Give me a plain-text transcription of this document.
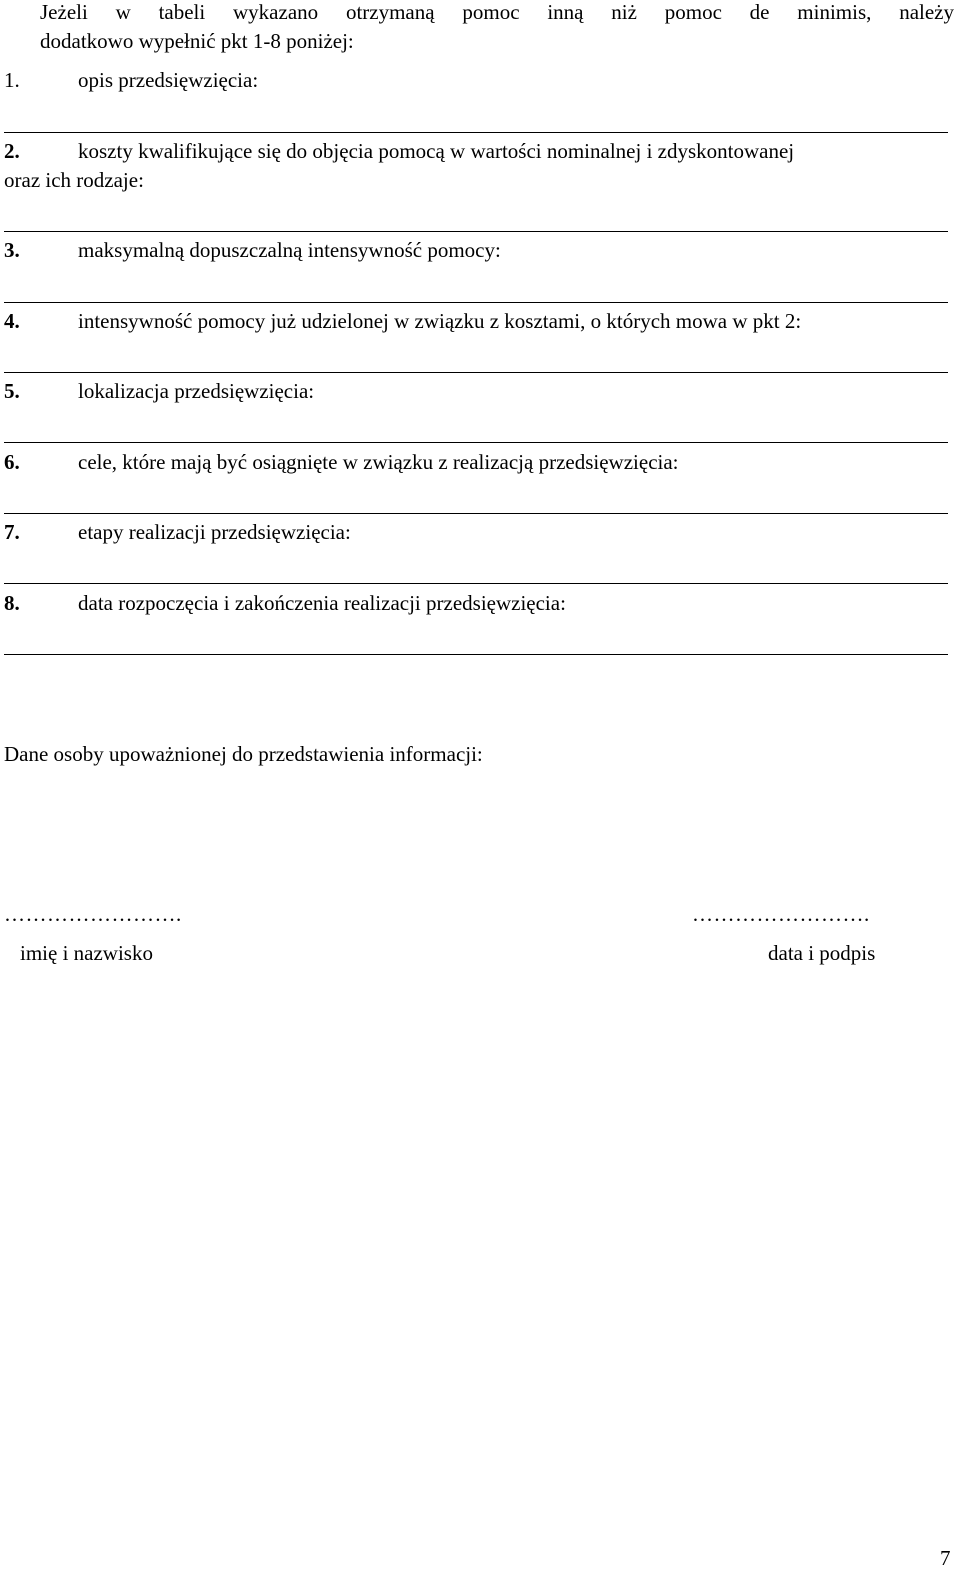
Jeżeli w tabeli wykazano otrzymaną pomoc inną niż pomoc de minimis, należy
dodatkowo wypełnić pkt 1-8 poniżej:
1.	opis przedsięwzięcia:
2.	koszty kwalifikujące się do objęcia pomocą w wartości nominalnej i zdyskontowanej
oraz ich rodzaje:
3.	maksymalną dopuszczalną intensywność pomocy:
4.	intensywność pomocy już udzielonej w związku z kosztami, o których mowa w pkt 2:
5.	lokalizacja przedsięwzięcia:
6.	cele, które mają być osiągnięte w związku z realizacją przedsięwzięcia:
7.	etapy realizacji przedsięwzięcia:
8.	data rozpoczęcia i zakończenia realizacji przedsięwzięcia:
Dane osoby upoważnionej do przedstawienia informacji:
…………………….	…………………….
imię i nazwisko	data i podpis
7
